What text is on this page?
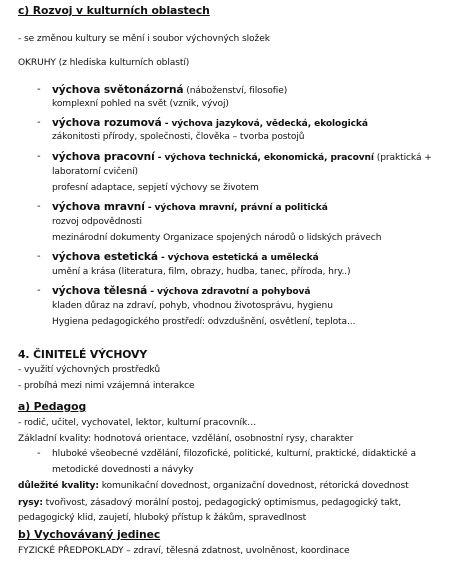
c) Rozvoj v kulturních oblastech
- se změnou kultury se mění i soubor výchovných složek
OKRUHY (z hlediska kulturních oblastí)
- výchova světonázorná (náboženství, filosofie)
komplexní pohled na svět (vznik, vývoj)
- výchova rozumová - výchova jazyková, vědecká, ekologická
zákonitosti přírody, společnosti, člověka – tvorba postojů
- výchova pracovní - výchova technická, ekonomická, pracovní (praktická +
laboratorní cvičení)
profesní adaptace, sepjetí výchovy se životem
- výchova mravní - výchova mravní, právní a politická
rozvoj odpovědnosti
mezinárodní dokumenty Organizace spojených národů o lidských právech
- výchova estetická - výchova estetická a umělecká
umění a krása (literatura, film, obrazy, hudba, tanec, příroda, hry..)
- výchova tělesná - výchova zdravotní a pohybová
kladen důraz na zdraví, pohyb, vhodnou životosprávu, hygienu
Hygiena pedagogického prostředí: odvzdušnění, osvětlení, teplota...
4. ČINITELÉ VÝCHOVY
- využití výchovných prostředků
- probíhá mezi nimi vzájemná interakce
a) Pedagog
- rodič, učitel, vychovatel, lektor, kulturní pracovník…
Základní kvality: hodnotová orientace, vzdělání, osobnostní rysy, charakter
- hluboké všeobecné vzdělání, filozofické, politické, kulturní, praktické, didaktické a
metodické dovednosti a návyky
důležité kvality: komunikační dovednost, organizační dovednost, rétorická dovednost
rysy: tvořivost, zásadový morální postoj, pedagogický optimismus, pedagogický takt,
pedagogický klid, zaujetí, hluboký přístup k žákům, spravedlnost
b) Vychovávaný jedinec
FYZICKÉ PŘEDPOKLADY – zdraví, tělesná zdatnost, uvolněnost, koordinace
